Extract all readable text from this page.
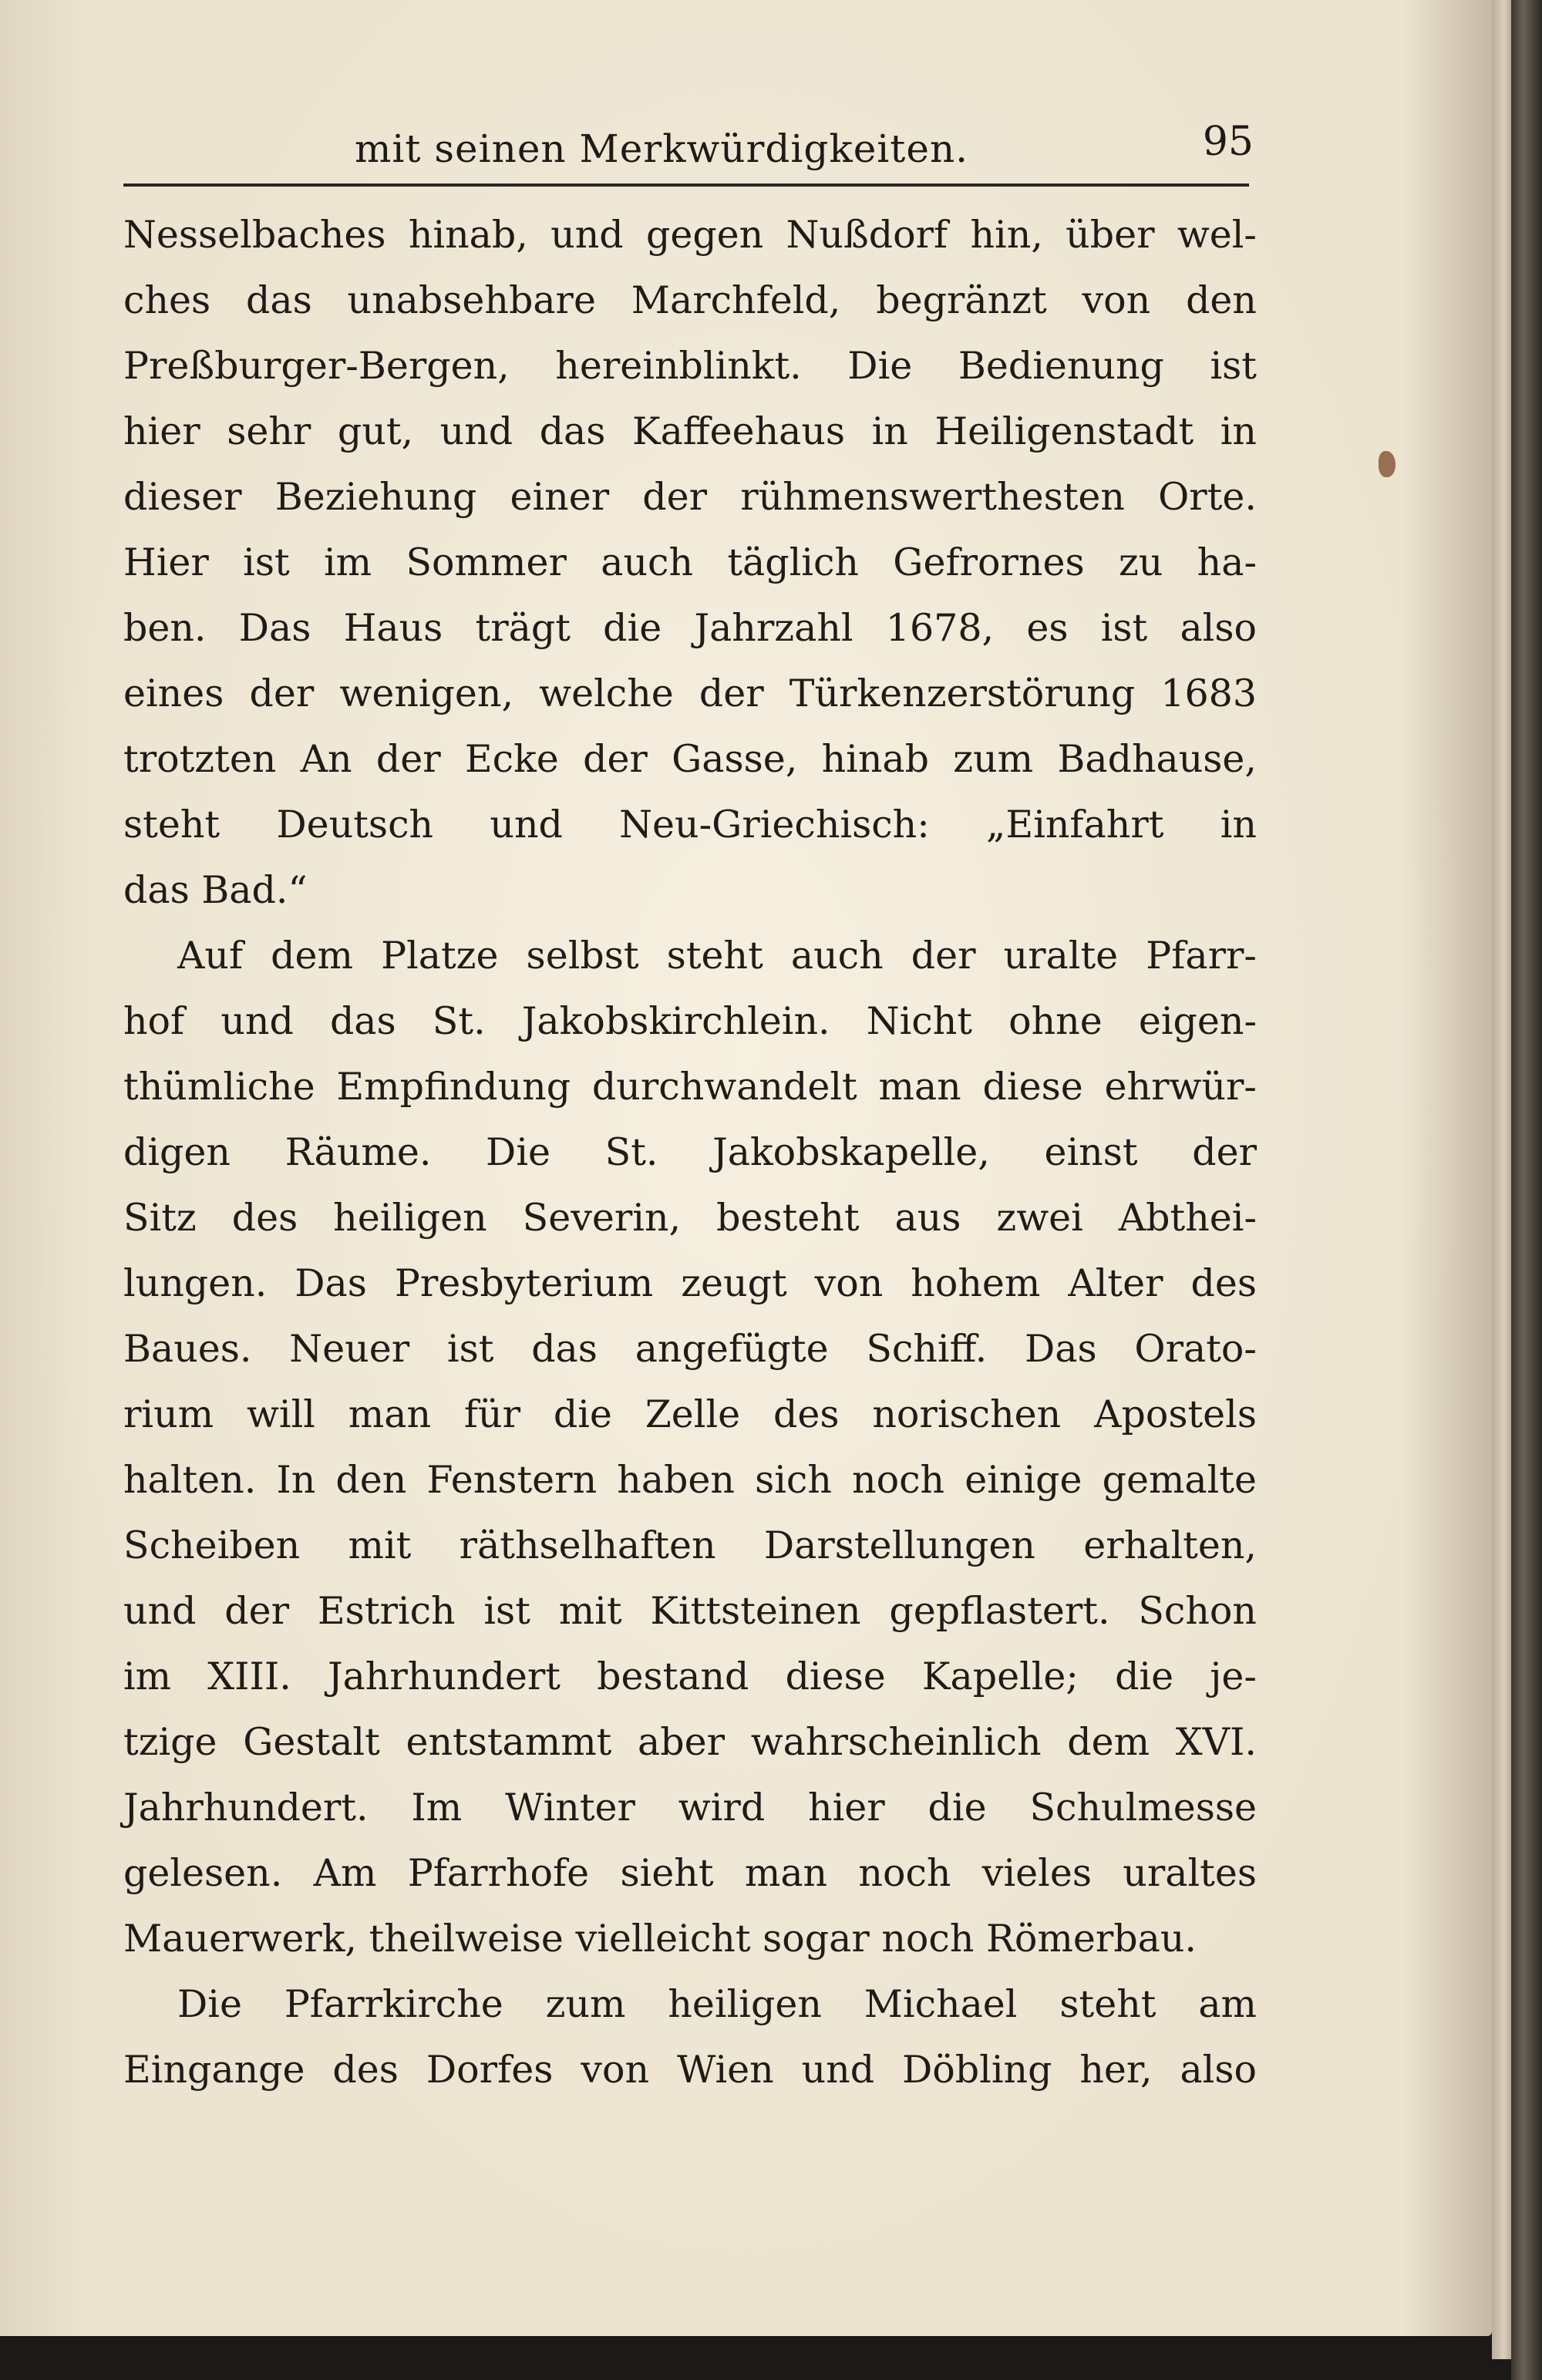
mit seinen Merkwürdigkeiten.	95
Nesselbaches hinab, und gegen Nußdorf hin, über wel-
ches das unabsehbare Marchfeld, begränzt von den
Preßburger-Bergen, hereinblinkt. Die Bedienung ist
hier sehr gut, und das Kaffeehaus in Heiligenstadt in
dieser Beziehung einer der rühmenswerthesten Orte.
Hier ist im Sommer auch täglich Gefrornes zu ha-
ben. Das Haus trägt die Jahrzahl 1678, es ist also
eines der wenigen, welche der Türkenzerstörung 1683
trotzten An der Ecke der Gasse, hinab zum Badhause,
steht Deutsch und Neu-Griechisch: „Einfahrt in
das Bad.“
Auf dem Platze selbst steht auch der uralte Pfarr-
hof und das St. Jakobskirchlein. Nicht ohne eigen-
thümliche Empfindung durchwandelt man diese ehrwür-
digen Räume. Die St. Jakobskapelle, einst der
Sitz des heiligen Severin, besteht aus zwei Abthei-
lungen. Das Presbyterium zeugt von hohem Alter des
Baues. Neuer ist das angefügte Schiff. Das Orato-
rium will man für die Zelle des norischen Apostels
halten. In den Fenstern haben sich noch einige gemalte
Scheiben mit räthselhaften Darstellungen erhalten,
und der Estrich ist mit Kittsteinen gepflastert. Schon
im XIII. Jahrhundert bestand diese Kapelle; die je-
tzige Gestalt entstammt aber wahrscheinlich dem XVI.
Jahrhundert. Im Winter wird hier die Schulmesse
gelesen. Am Pfarrhofe sieht man noch vieles uraltes
Mauerwerk, theilweise vielleicht sogar noch Römerbau.
Die Pfarrkirche zum heiligen Michael steht am
Eingange des Dorfes von Wien und Döbling her, also
